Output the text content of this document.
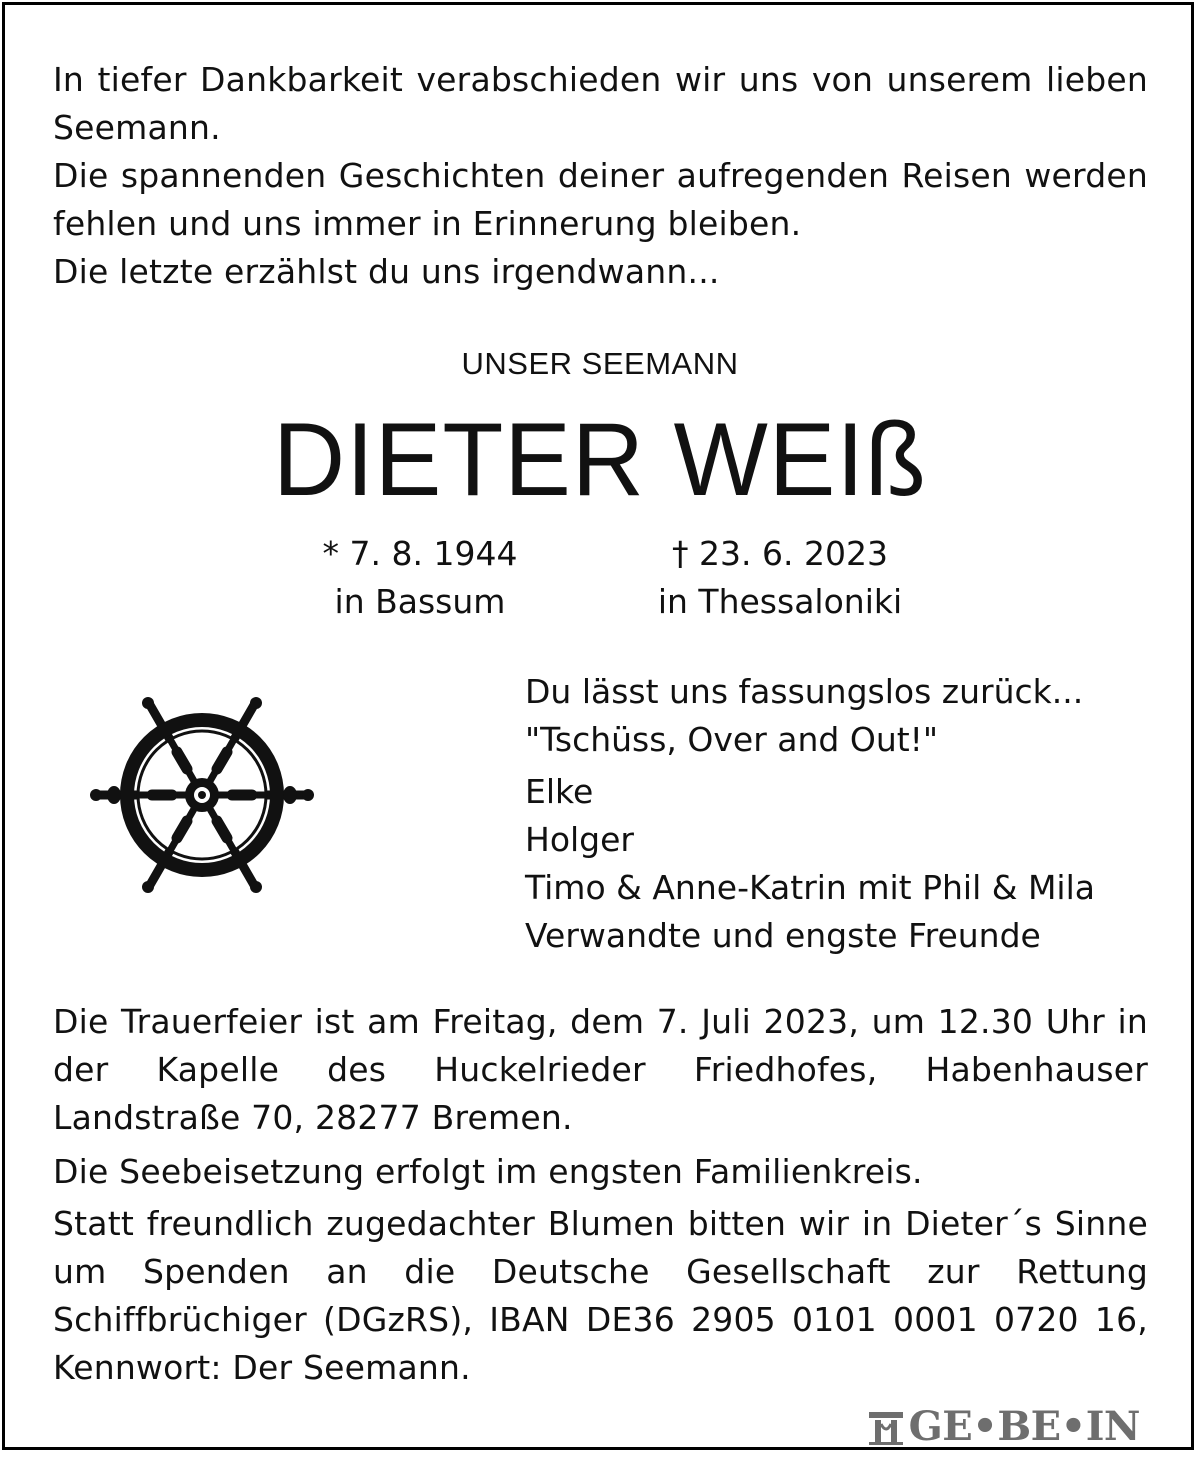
In tiefer Dankbarkeit verabschieden wir uns von unserem lieben Seemann.

Die spannenden Geschichten deiner aufregenden Reisen werden fehlen und uns immer in Erinnerung bleiben.

Die letzte erzählst du uns irgendwann...

UNSER SEEMANN
DIETER WEIß
* 7. 8. 1944
in Bassum
† 23. 6. 2023
in Thessaloniki
Du lässt uns fassungslos zurück...
"Tschüss, Over and Out!"
Elke
Holger
Timo & Anne-Katrin mit Phil & Mila
Verwandte und engste Freunde

Die Trauerfeier ist am Freitag, dem 7. Juli 2023, um 12.30 Uhr in der Kapelle des Huckelrieder Friedhofes, Habenhauser Landstraße 70, 28277 Bremen.

Die Seebeisetzung erfolgt im engsten Familienkreis.

Statt freundlich zugedachter Blumen bitten wir in Dieter´s Sinne um Spenden an die Deutsche Gesellschaft zur Rettung Schiffbrüchiger (DGzRS), IBAN DE36 2905 0101 0001 0720 16, Kennwort: Der Seemann.

GE•BE•IN
